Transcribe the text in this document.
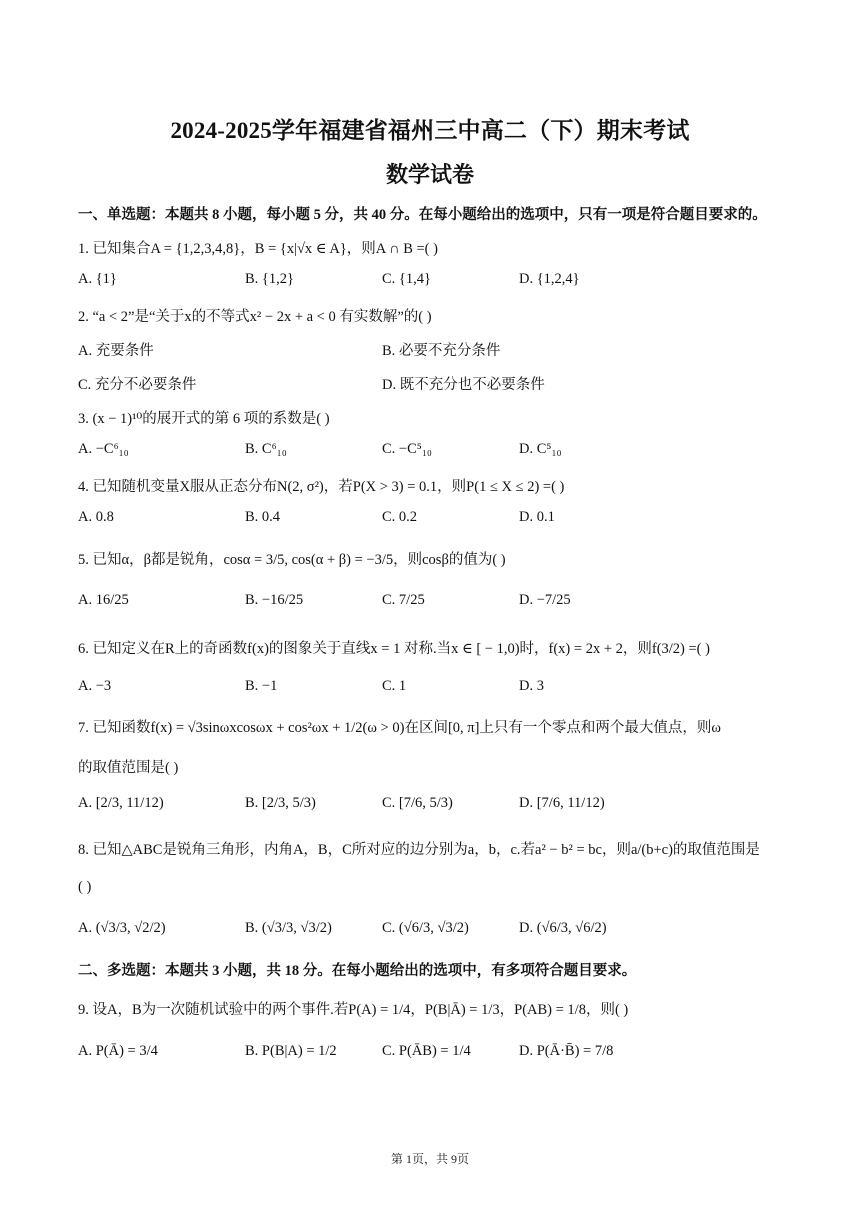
2024-2025学年福建省福州三中高二（下）期末考试
数学试卷
一、单选题：本题共 8 小题，每小题 5 分，共 40 分。在每小题给出的选项中，只有一项是符合题目要求的。
1. 已知集合A = {1,2,3,4,8}，B = {x|√x ∈ A}，则A ∩ B =( )
A. {1}	B. {1,2}	C. {1,4}	D. {1,2,4}
2. “a < 2”是“关于x的不等式x² − 2x + a < 0 有实数解”的( )
A. 充要条件	B. 必要不充分条件
C. 充分不必要条件	D. 既不充分也不必要条件
3. (x − 1)¹⁰的展开式的第 6 项的系数是( )
A. −C⁶₁₀	B. C⁶₁₀	C. −C⁵₁₀	D. C⁵₁₀
4. 已知随机变量X服从正态分布N(2, σ²)，若P(X > 3) = 0.1，则P(1 ≤ X ≤ 2) =( )
A. 0.8	B. 0.4	C. 0.2	D. 0.1
5. 已知α，β都是锐角，cosα = 3/5, cos(α + β) = −3/5，则cosβ的值为( )
A. 16/25	B. −16/25	C. 7/25	D. −7/25
6. 已知定义在R上的奇函数f(x)的图象关于直线x = 1 对称.当x ∈ [ − 1,0)时，f(x) = 2x + 2，则f(3/2) =( )
A. −3	B. −1	C. 1	D. 3
7. 已知函数f(x) = √3sinωxcosωx + cos²ωx + 1/2(ω > 0)在区间[0, π]上只有一个零点和两个最大值点，则ω
的取值范围是( )
A. [2/3, 11/12)	B. [2/3, 5/3)	C. [7/6, 5/3)	D. [7/6, 11/12)
8. 已知△ABC是锐角三角形，内角A，B，C所对应的边分别为a，b，c.若a² − b² = bc，则a/(b+c)的取值范围是
( )
A. (√3/3, √2/2)	B. (√3/3, √3/2)	C. (√6/3, √3/2)	D. (√6/3, √6/2)
二、多选题：本题共 3 小题，共 18 分。在每小题给出的选项中，有多项符合题目要求。
9. 设A，B为一次随机试验中的两个事件.若P(A) = 1/4，P(B|Ā) = 1/3，P(AB) = 1/8，则( )
A. P(Ā) = 3/4	B. P(B|A) = 1/2	C. P(ĀB) = 1/4	D. P(Ā·B̄) = 7/8
第 1页，共 9页
